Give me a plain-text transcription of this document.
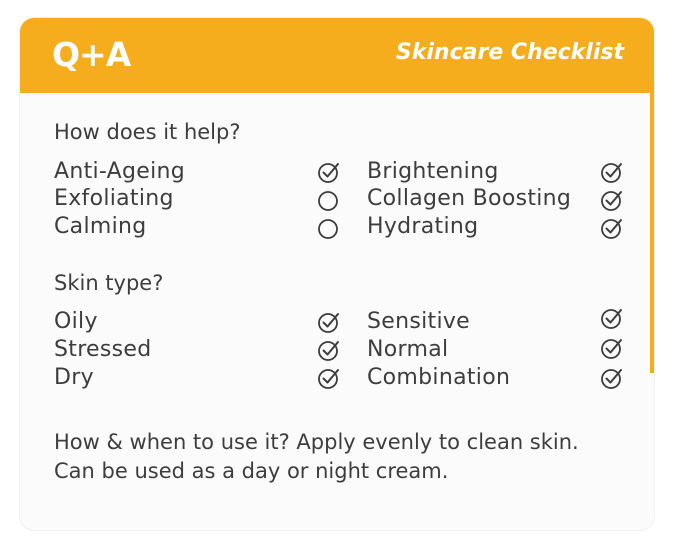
Q+A	Skincare Checklist
How does it help?
Anti-Ageing
Exfoliating
Calming
Brightening
Collagen Boosting
Hydrating
Skin type?
Oily
Stressed
Dry
Sensitive
Normal
Combination
How & when to use it? Apply evenly to clean skin. Can be used as a day or night cream.
